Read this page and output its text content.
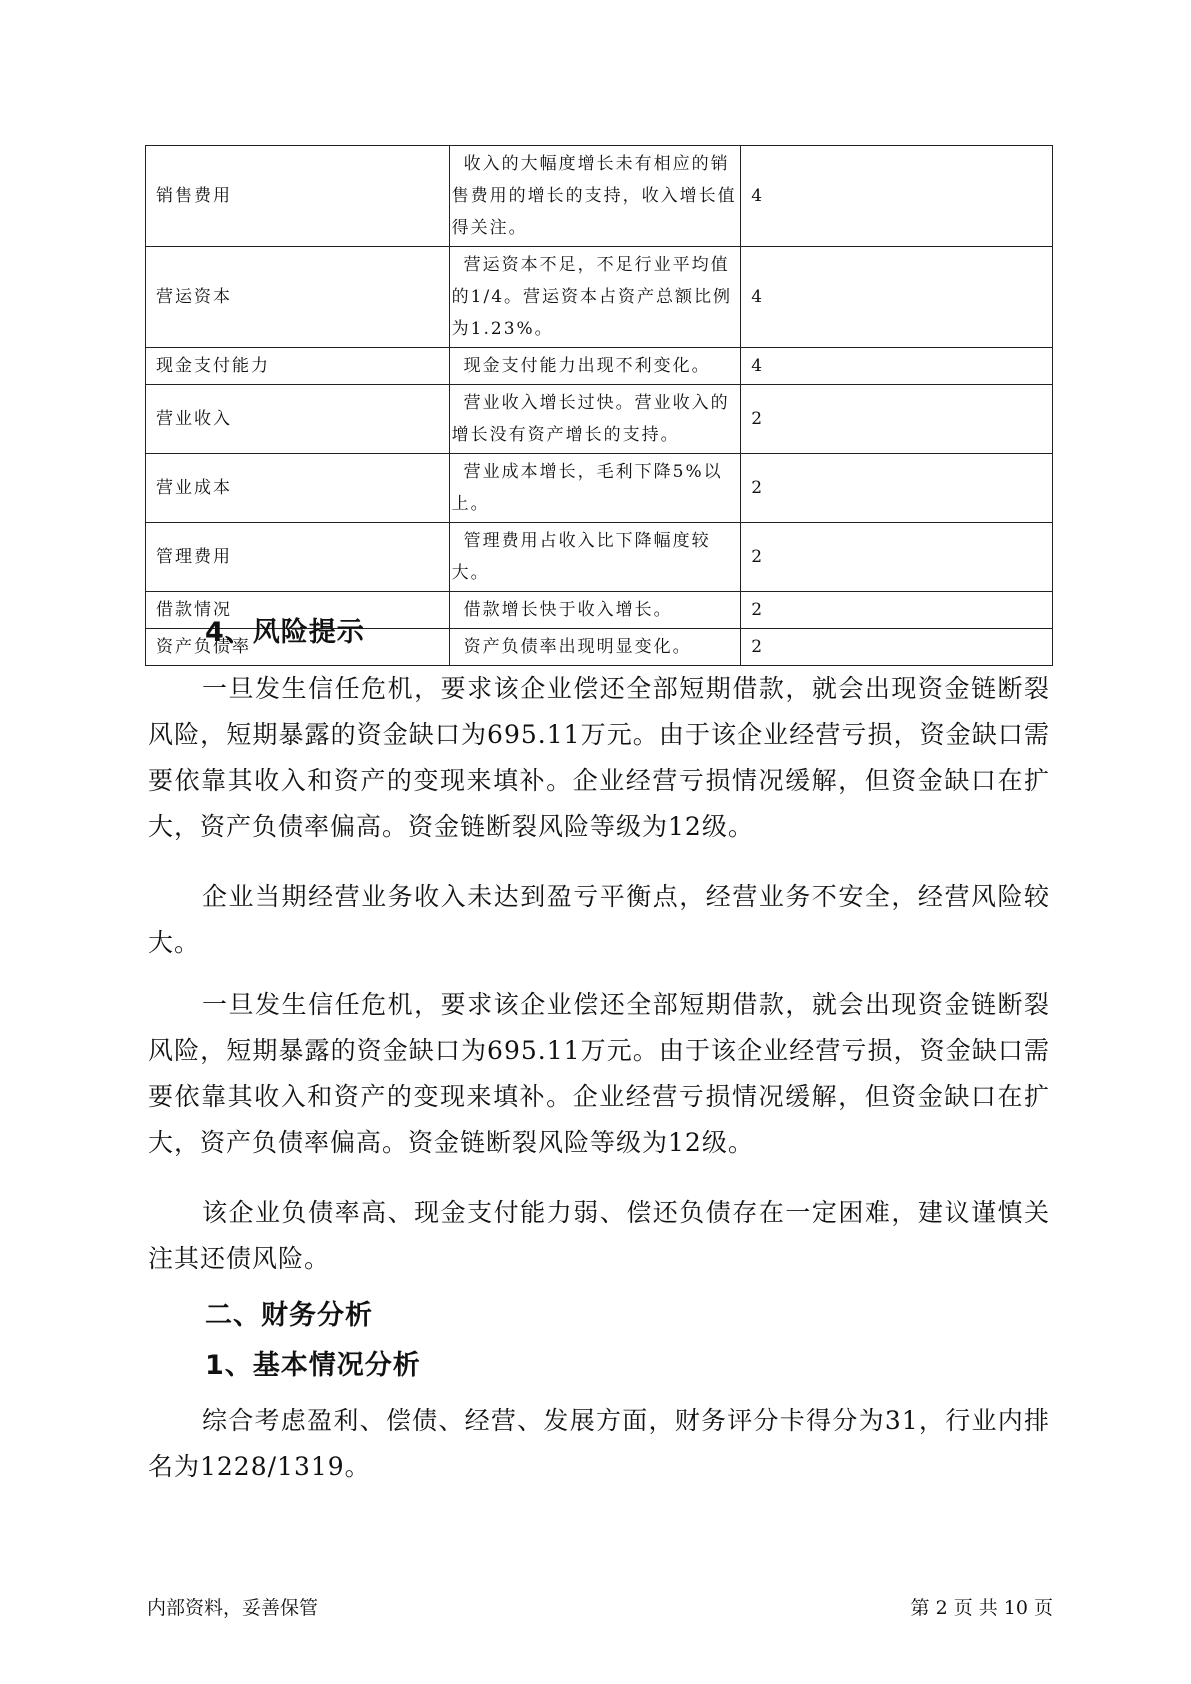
销售费用	收入的大幅度增长未有相应的销售费用的增长的支持，收入增长值得关注。	4
营运资本	营运资本不足，不足行业平均值的1/4。营运资本占资产总额比例为1.23%。	4
现金支付能力	现金支付能力出现不利变化。	4
营业收入	营业收入增长过快。营业收入的增长没有资产增长的支持。	2
营业成本	营业成本增长，毛利下降5%以上。	2
管理费用	管理费用占收入比下降幅度较大。	2
借款情况	借款增长快于收入增长。	2
资产负债率	资产负债率出现明显变化。	2
4、风险提示

一旦发生信任危机，要求该企业偿还全部短期借款，就会出现资金链断裂风险，短期暴露的资金缺口为695.11万元。由于该企业经营亏损，资金缺口需要依靠其收入和资产的变现来填补。企业经营亏损情况缓解，但资金缺口在扩大，资产负债率偏高。资金链断裂风险等级为12级。

企业当期经营业务收入未达到盈亏平衡点，经营业务不安全，经营风险较大。

一旦发生信任危机，要求该企业偿还全部短期借款，就会出现资金链断裂风险，短期暴露的资金缺口为695.11万元。由于该企业经营亏损，资金缺口需要依靠其收入和资产的变现来填补。企业经营亏损情况缓解，但资金缺口在扩大，资产负债率偏高。资金链断裂风险等级为12级。

该企业负债率高、现金支付能力弱、偿还负债存在一定困难，建议谨慎关注其还债风险。

二、财务分析
1、基本情况分析

综合考虑盈利、偿债、经营、发展方面，财务评分卡得分为31，行业内排名为1228/1319。

内部资料，妥善保管	第 2 页 共 10 页
